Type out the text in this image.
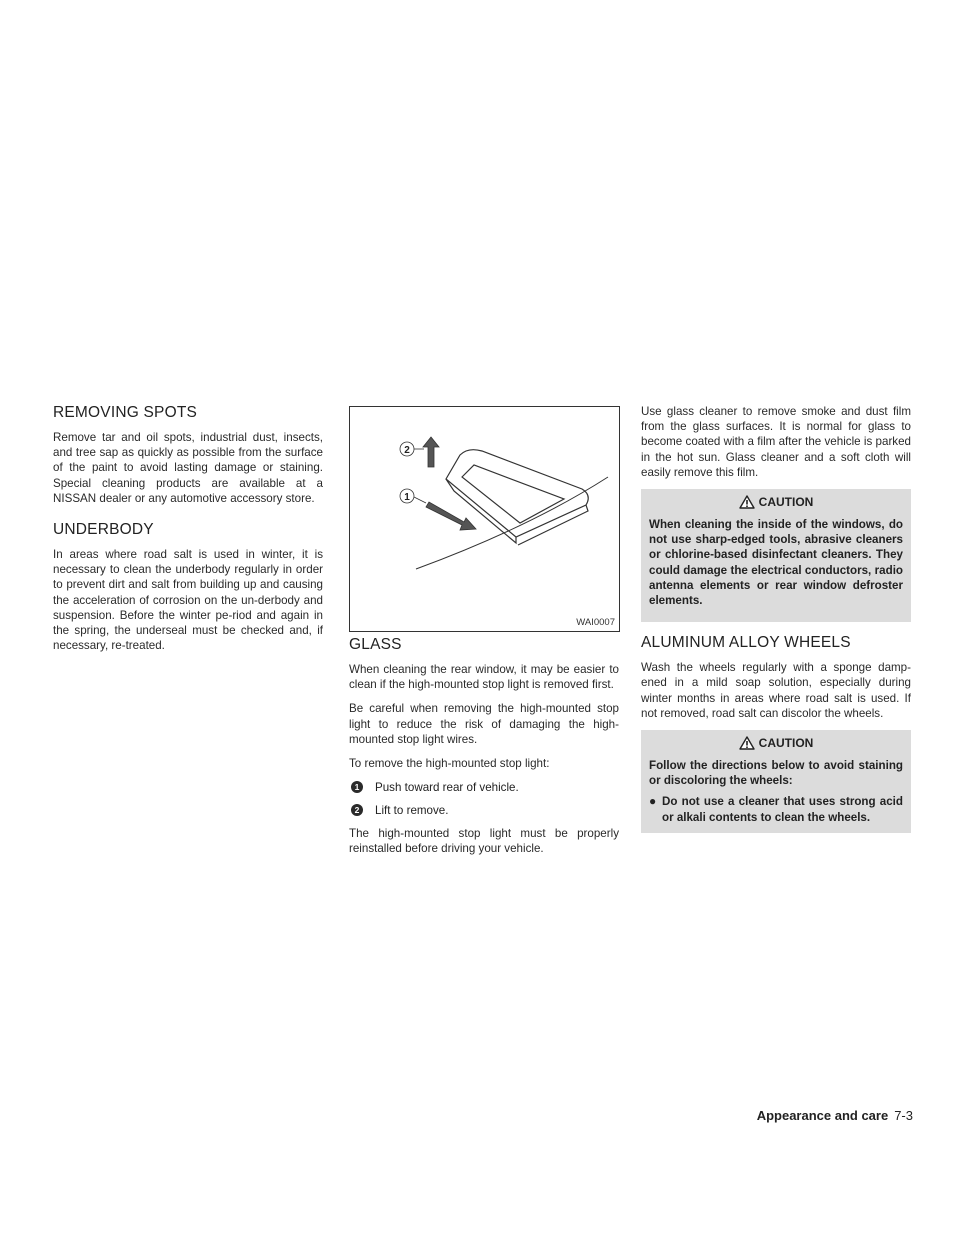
REMOVING SPOTS

Remove tar and oil spots, industrial dust, insects, and tree sap as quickly as possible from the surface of the paint to avoid lasting damage or staining. Special cleaning products are available at a NISSAN dealer or any automotive accessory store.

UNDERBODY

In areas where road salt is used in winter, it is necessary to clean the underbody regularly in order to prevent dirt and salt from building up and causing the acceleration of corrosion on the un-derbody and suspension. Before the winter pe-riod and again in the spring, the underseal must be checked and, if necessary, re-treated.

2
1
WAI0007
GLASS

When cleaning the rear window, it may be easier to clean if the high-mounted stop light is removed first.

Be careful when removing the high-mounted stop light to reduce the risk of damaging the high-mounted stop light wires.

To remove the high-mounted stop light:

1	Push toward rear of vehicle.
2	Lift to remove.

The high-mounted stop light must be properly reinstalled before driving your vehicle.

Use glass cleaner to remove smoke and dust film from the glass surfaces. It is normal for glass to become coated with a film after the vehicle is parked in the hot sun. Glass cleaner and a soft cloth will easily remove this film.

CAUTION
When cleaning the inside of the windows, do not use sharp-edged tools, abrasive cleaners or chlorine-based disinfectant cleaners. They could damage the electrical conductors, radio antenna elements or rear window defroster elements.
ALUMINUM ALLOY WHEELS

Wash the wheels regularly with a sponge damp-ened in a mild soap solution, especially during winter months in areas where road salt is used. If not removed, road salt can discolor the wheels.

CAUTION
Follow the directions below to avoid staining or discoloring the wheels:
● Do not use a cleaner that uses strong acid or alkali contents to clean the wheels.
Appearance and care 7-3
